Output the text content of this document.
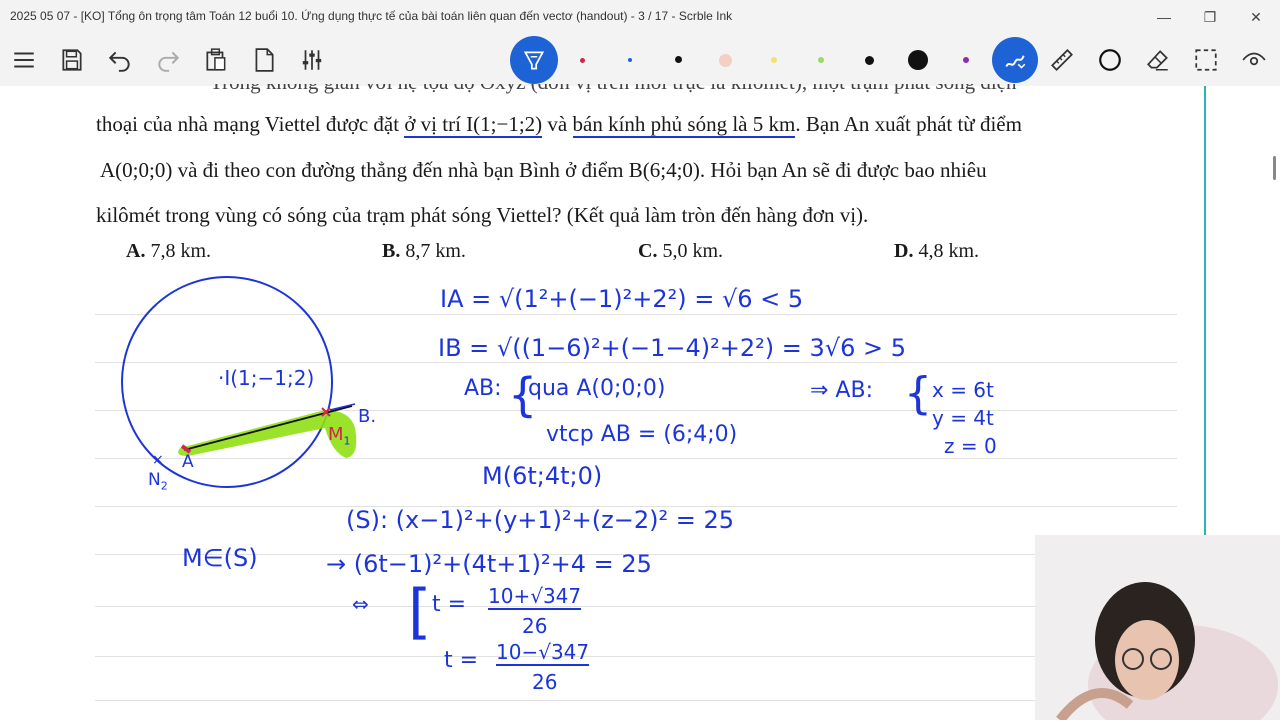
2025 05 07 - [KO] Tổng ôn trọng tâm Toán 12 buổi 10. Ứng dụng thực tế của bài toán liên quan đến vectơ (handout) - 3 / 17 - Scrble Ink	—	❐	✕
thoại của nhà mạng Viettel được đặt ở vị trí I(1;−1;2) và bán kính phủ sóng là 5 km. Bạn An xuất phát từ điểm
A(0;0;0) và đi theo con đường thẳng đến nhà bạn Bình ở điểm B(6;4;0). Hỏi bạn An sẽ đi được bao nhiêu
kilômét trong vùng có sóng của trạm phát sóng Viettel? (Kết quả làm tròn đến hàng đơn vị).
A. 7,8 km.	B. 8,7 km.	C. 5,0 km.	D. 4,8 km.
·I(1;−1;2)
A
B.
$M_1$
×
$N_2$
IA = √(1²+(−1)²+2²) = √6 < 5
IB = √((1−6)²+(−1−4)²+2²) = 3√6 > 5
AB: {
qua A(0;0;0)
vtcp AB = (6;4;0)
⇒ AB: { x = 6t
y = 4t
z = 0
M(6t;4t;0)
(S): (x−1)²+(y+1)²+(z−2)² = 25
M∈(S)	→ (6t−1)²+(4t+1)²+4 = 25
⇔ [ t = 10+√347
26
t = 10−√347
26
